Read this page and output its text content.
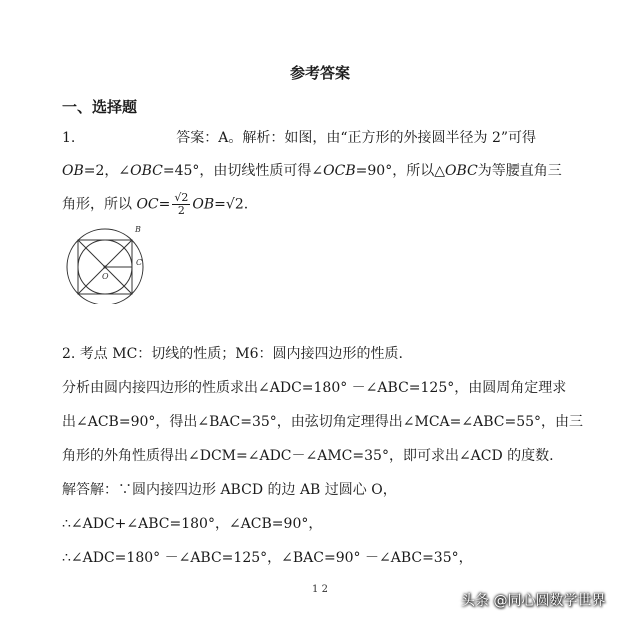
参考答案
一、选择题
1.	答案：A。解析：如图，由“正方形的外接圆半径为 2”可得
OB=2，∠OBC=45°，由切线性质可得∠OCB=90°，所以△OBC为等腰直角三
角形，所以 $OC= \frac{√2}{2} OB=√2$.
B
C
O
2. 考点 MC：切线的性质；M6：圆内接四边形的性质.
分析由圆内接四边形的性质求出∠ADC=180° －∠ABC=125°，由圆周角定理求
出∠ACB=90°，得出∠BAC=35°，由弦切角定理得出∠MCA=∠ABC=55°，由三
角形的外角性质得出∠DCM=∠ADC－∠AMC=35°，即可求出∠ACD 的度数.
解答解：∵圆内接四边形 ABCD 的边 AB 过圆心 O，
∴∠ADC+∠ABC=180°，∠ACB=90°，
∴∠ADC=180° －∠ABC=125°，∠BAC=90° －∠ABC=35°，
1 2
头条 @同心圆数学世界
